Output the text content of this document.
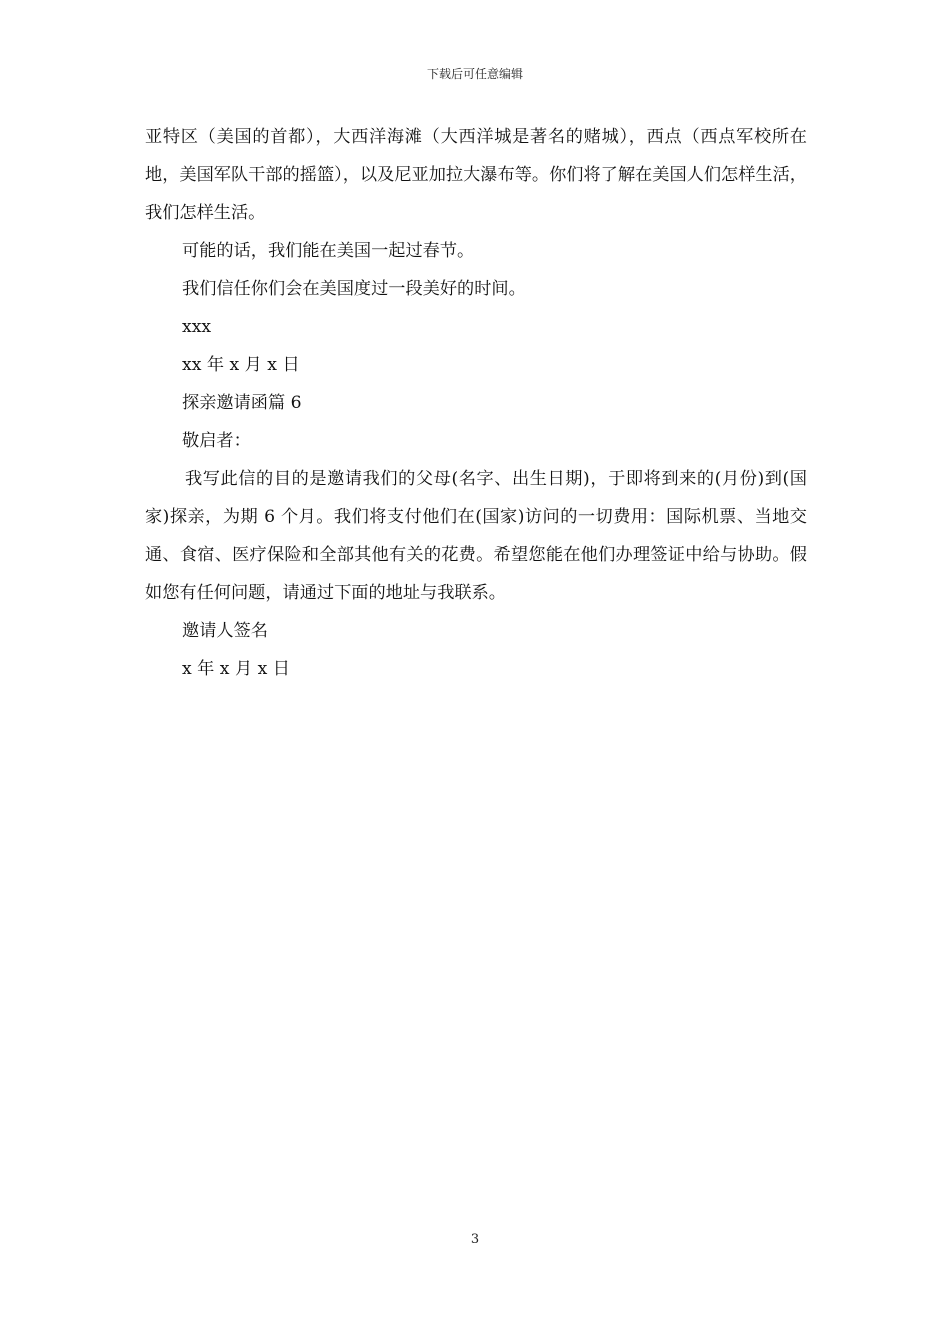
下载后可任意编辑

亚特区（美国的首都），大西洋海滩（大西洋城是著名的赌城），西点（西点军校所在地，美国军队干部的摇篮），以及尼亚加拉大瀑布等。你们将了解在美国人们怎样生活，我们怎样生活。

可能的话，我们能在美国一起过春节。

我们信任你们会在美国度过一段美好的时间。

xxx

xx 年 x 月 x 日

探亲邀请函篇 6

敬启者：

我写此信的目的是邀请我们的父母(名字、出生日期)，于即将到来的(月份)到(国家)探亲，为期 6 个月。我们将支付他们在(国家)访问的一切费用：国际机票、当地交通、食宿、医疗保险和全部其他有关的花费。希望您能在他们办理签证中给与协助。假如您有任何问题，请通过下面的地址与我联系。

邀请人签名

x 年 x 月 x 日

3
